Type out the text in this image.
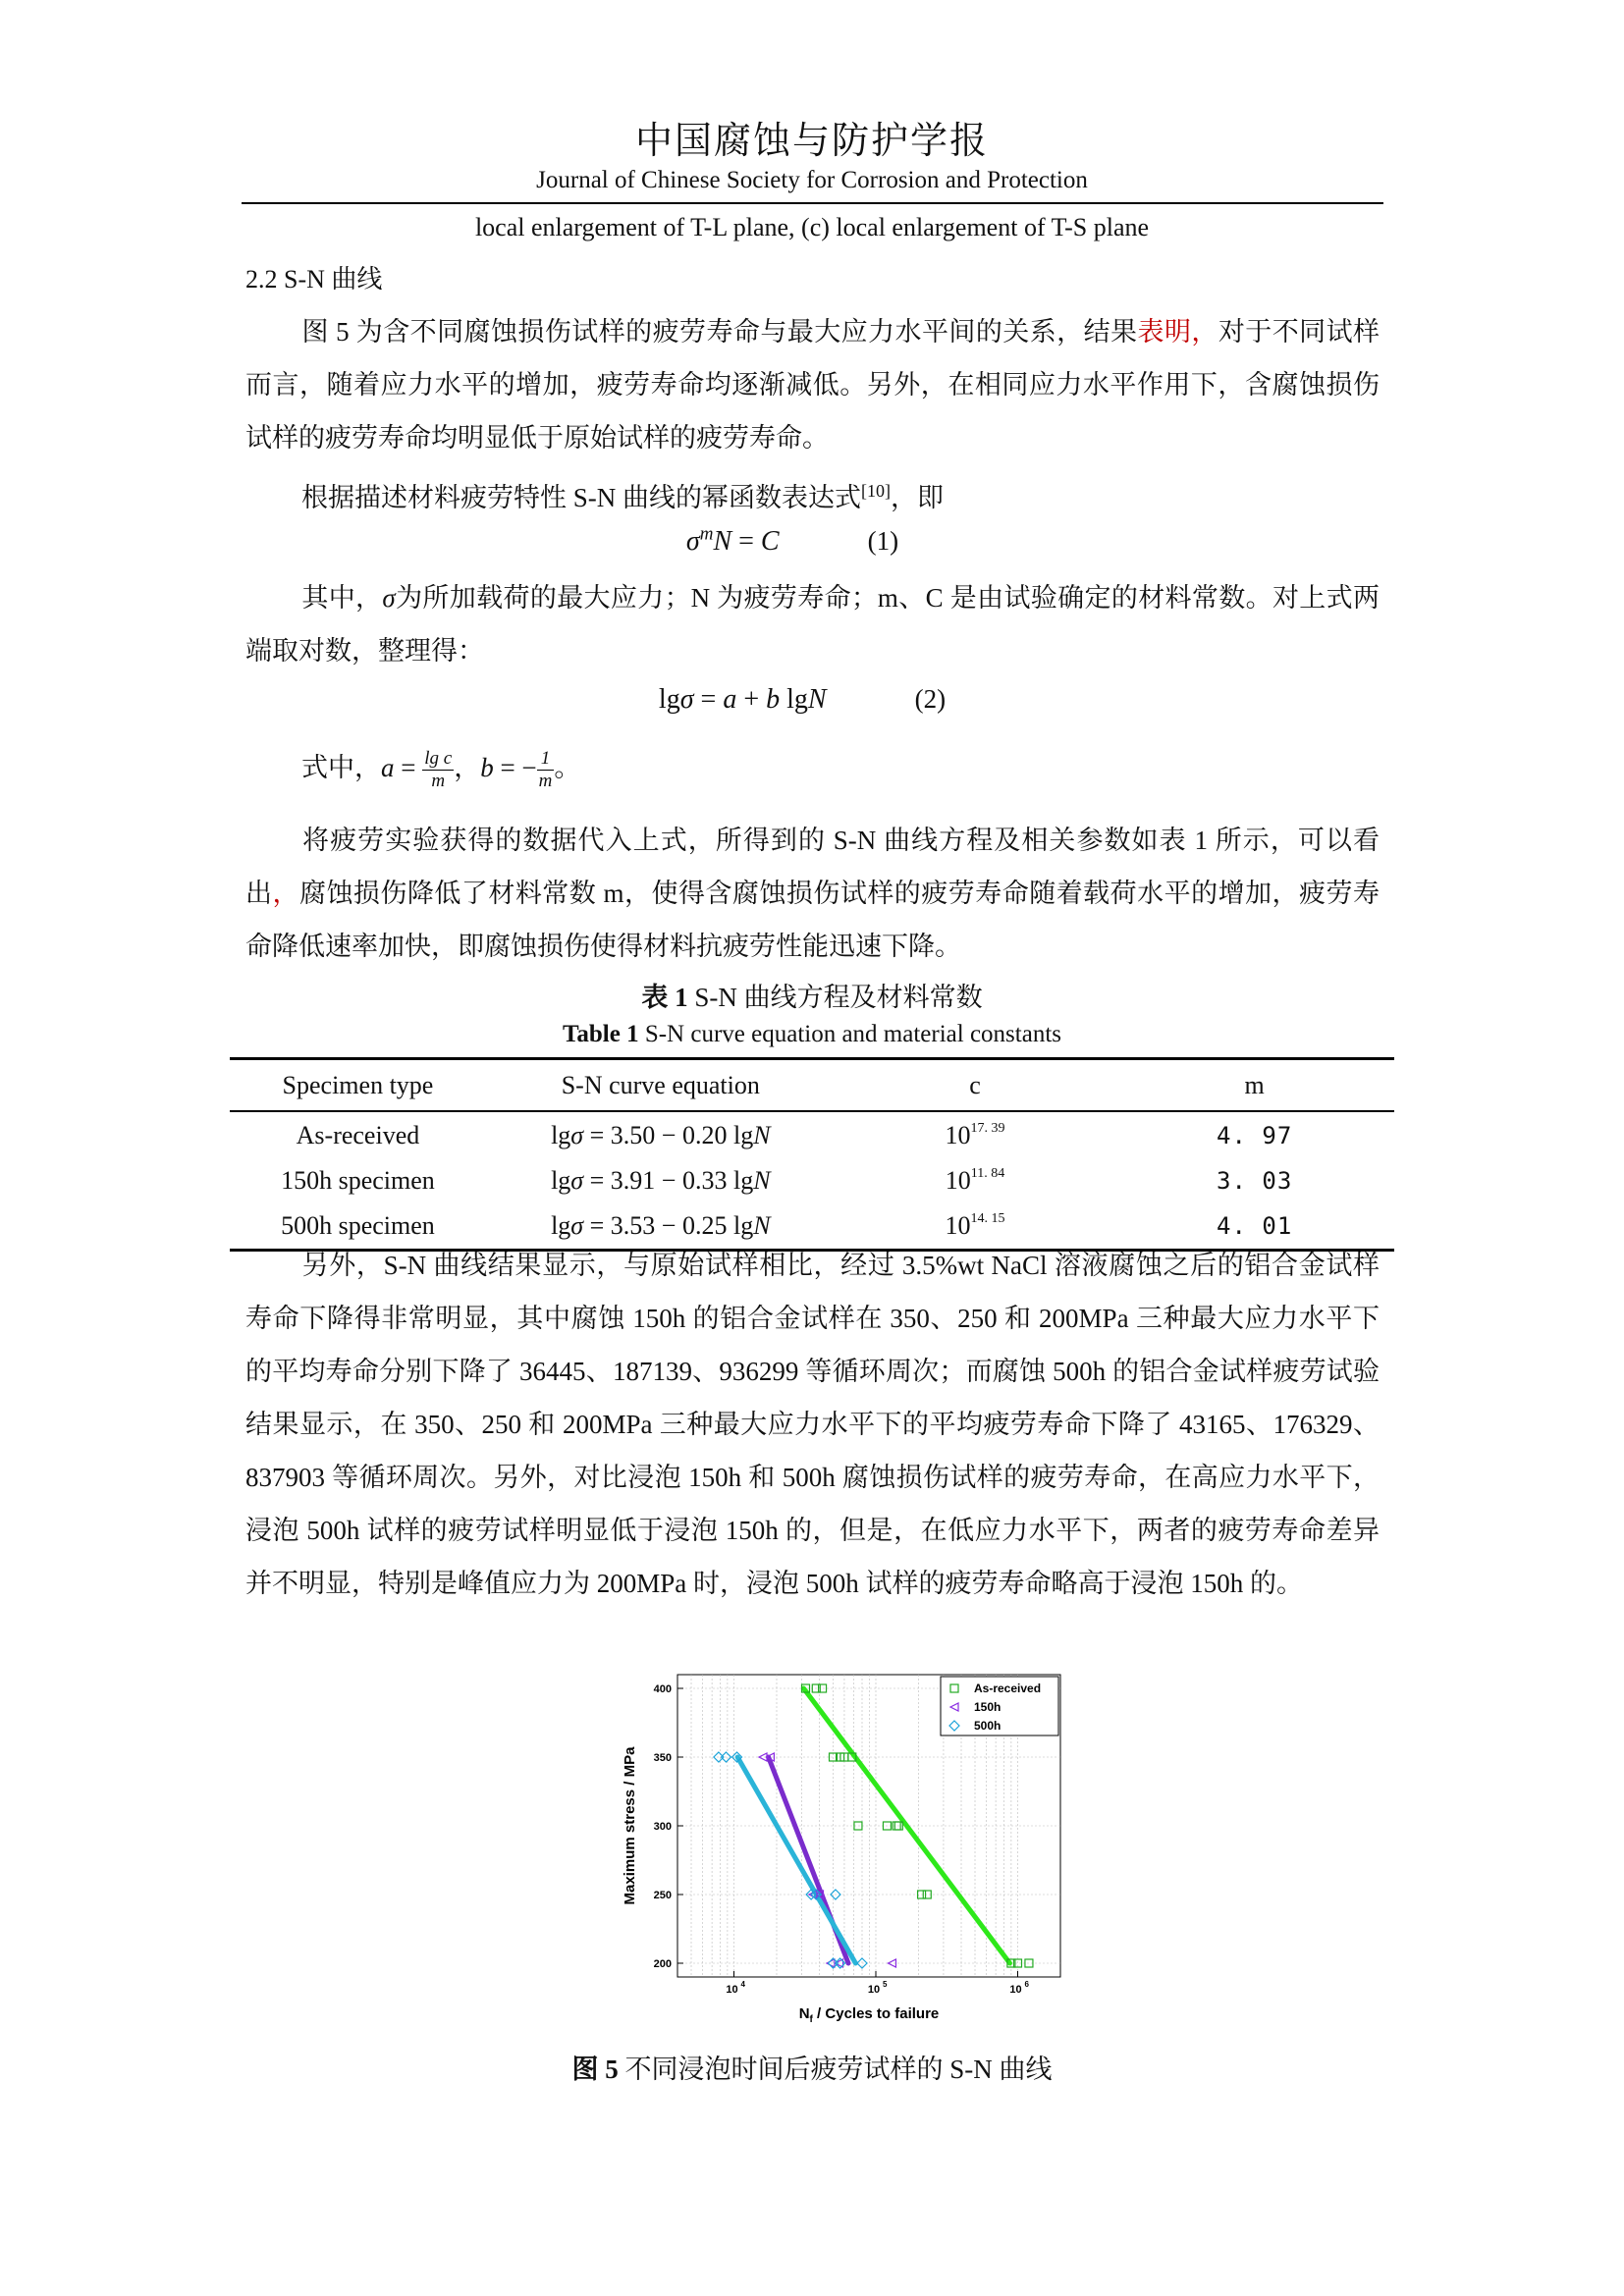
中国腐蚀与防护学报
Journal of Chinese Society for Corrosion and Protection
local enlargement of T-L plane, (c) local enlargement of T-S plane
2.2 S-N 曲线
图 5 为含不同腐蚀损伤试样的疲劳寿命与最大应力水平间的关系，结果表明，对于不同试样而言，随着应力水平的增加，疲劳寿命均逐渐减低。另外，在相同应力水平作用下，含腐蚀损伤试样的疲劳寿命均明显低于原始试样的疲劳寿命。
根据描述材料疲劳特性 S-N 曲线的幂函数表达式[10]，即
$\sigma^mN = C$	(1)
其中，σ为所加载荷的最大应力；N 为疲劳寿命；m、C 是由试验确定的材料常数。对上式两端取对数，整理得：
lgσ = a + b lgN	(2)
式中，$a = \frac{\text{lg c}}{m}$ ，b = − $\frac{1}{m}$ 。
将疲劳实验获得的数据代入上式，所得到的 S-N 曲线方程及相关参数如表 1 所示，可以看出，腐蚀损伤降低了材料常数 m，使得含腐蚀损伤试样的疲劳寿命随着载荷水平的增加，疲劳寿命降低速率加快，即腐蚀损伤使得材料抗疲劳性能迅速下降。
表 1 S-N 曲线方程及材料常数
Table 1 S-N curve equation and material constants
Specimen type	S-N curve equation	c	m
As-received	lgσ = 3.50 − 0.20 lgN	$10^{17. 39}$	4. 97
150h specimen	lgσ = 3.91 − 0.33 lgN	$10^{11. 84}$	3. 03
500h specimen	lgσ = 3.53 − 0.25 lgN	$10^{14. 15}$	4. 01
另外，S-N 曲线结果显示，与原始试样相比，经过 3.5%wt NaCl 溶液腐蚀之后的铝合金试样寿命下降得非常明显，其中腐蚀 150h 的铝合金试样在 350、250 和 200MPa 三种最大应力水平下的平均寿命分别下降了 36445、187139、936299 等循环周次；而腐蚀 500h 的铝合金试样疲劳试验结果显示，在 350、250 和 200MPa 三种最大应力水平下的平均疲劳寿命下降了 43165、176329、837903 等循环周次。另外，对比浸泡 150h 和 500h 腐蚀损伤试样的疲劳寿命，在高应力水平下，浸泡 500h 试样的疲劳试样明显低于浸泡 150h 的，但是，在低应力水平下，两者的疲劳寿命差异并不明显，特别是峰值应力为 200MPa 时，浸泡 500h 试样的疲劳寿命略高于浸泡 150h 的。
200
250
300
350
400
10 4	10 5	10 6
$N_f$ / Cycles to failure
Maximum stress / MPa
As-received
150h
500h
图 5 不同浸泡时间后疲劳试样的 S-N 曲线
